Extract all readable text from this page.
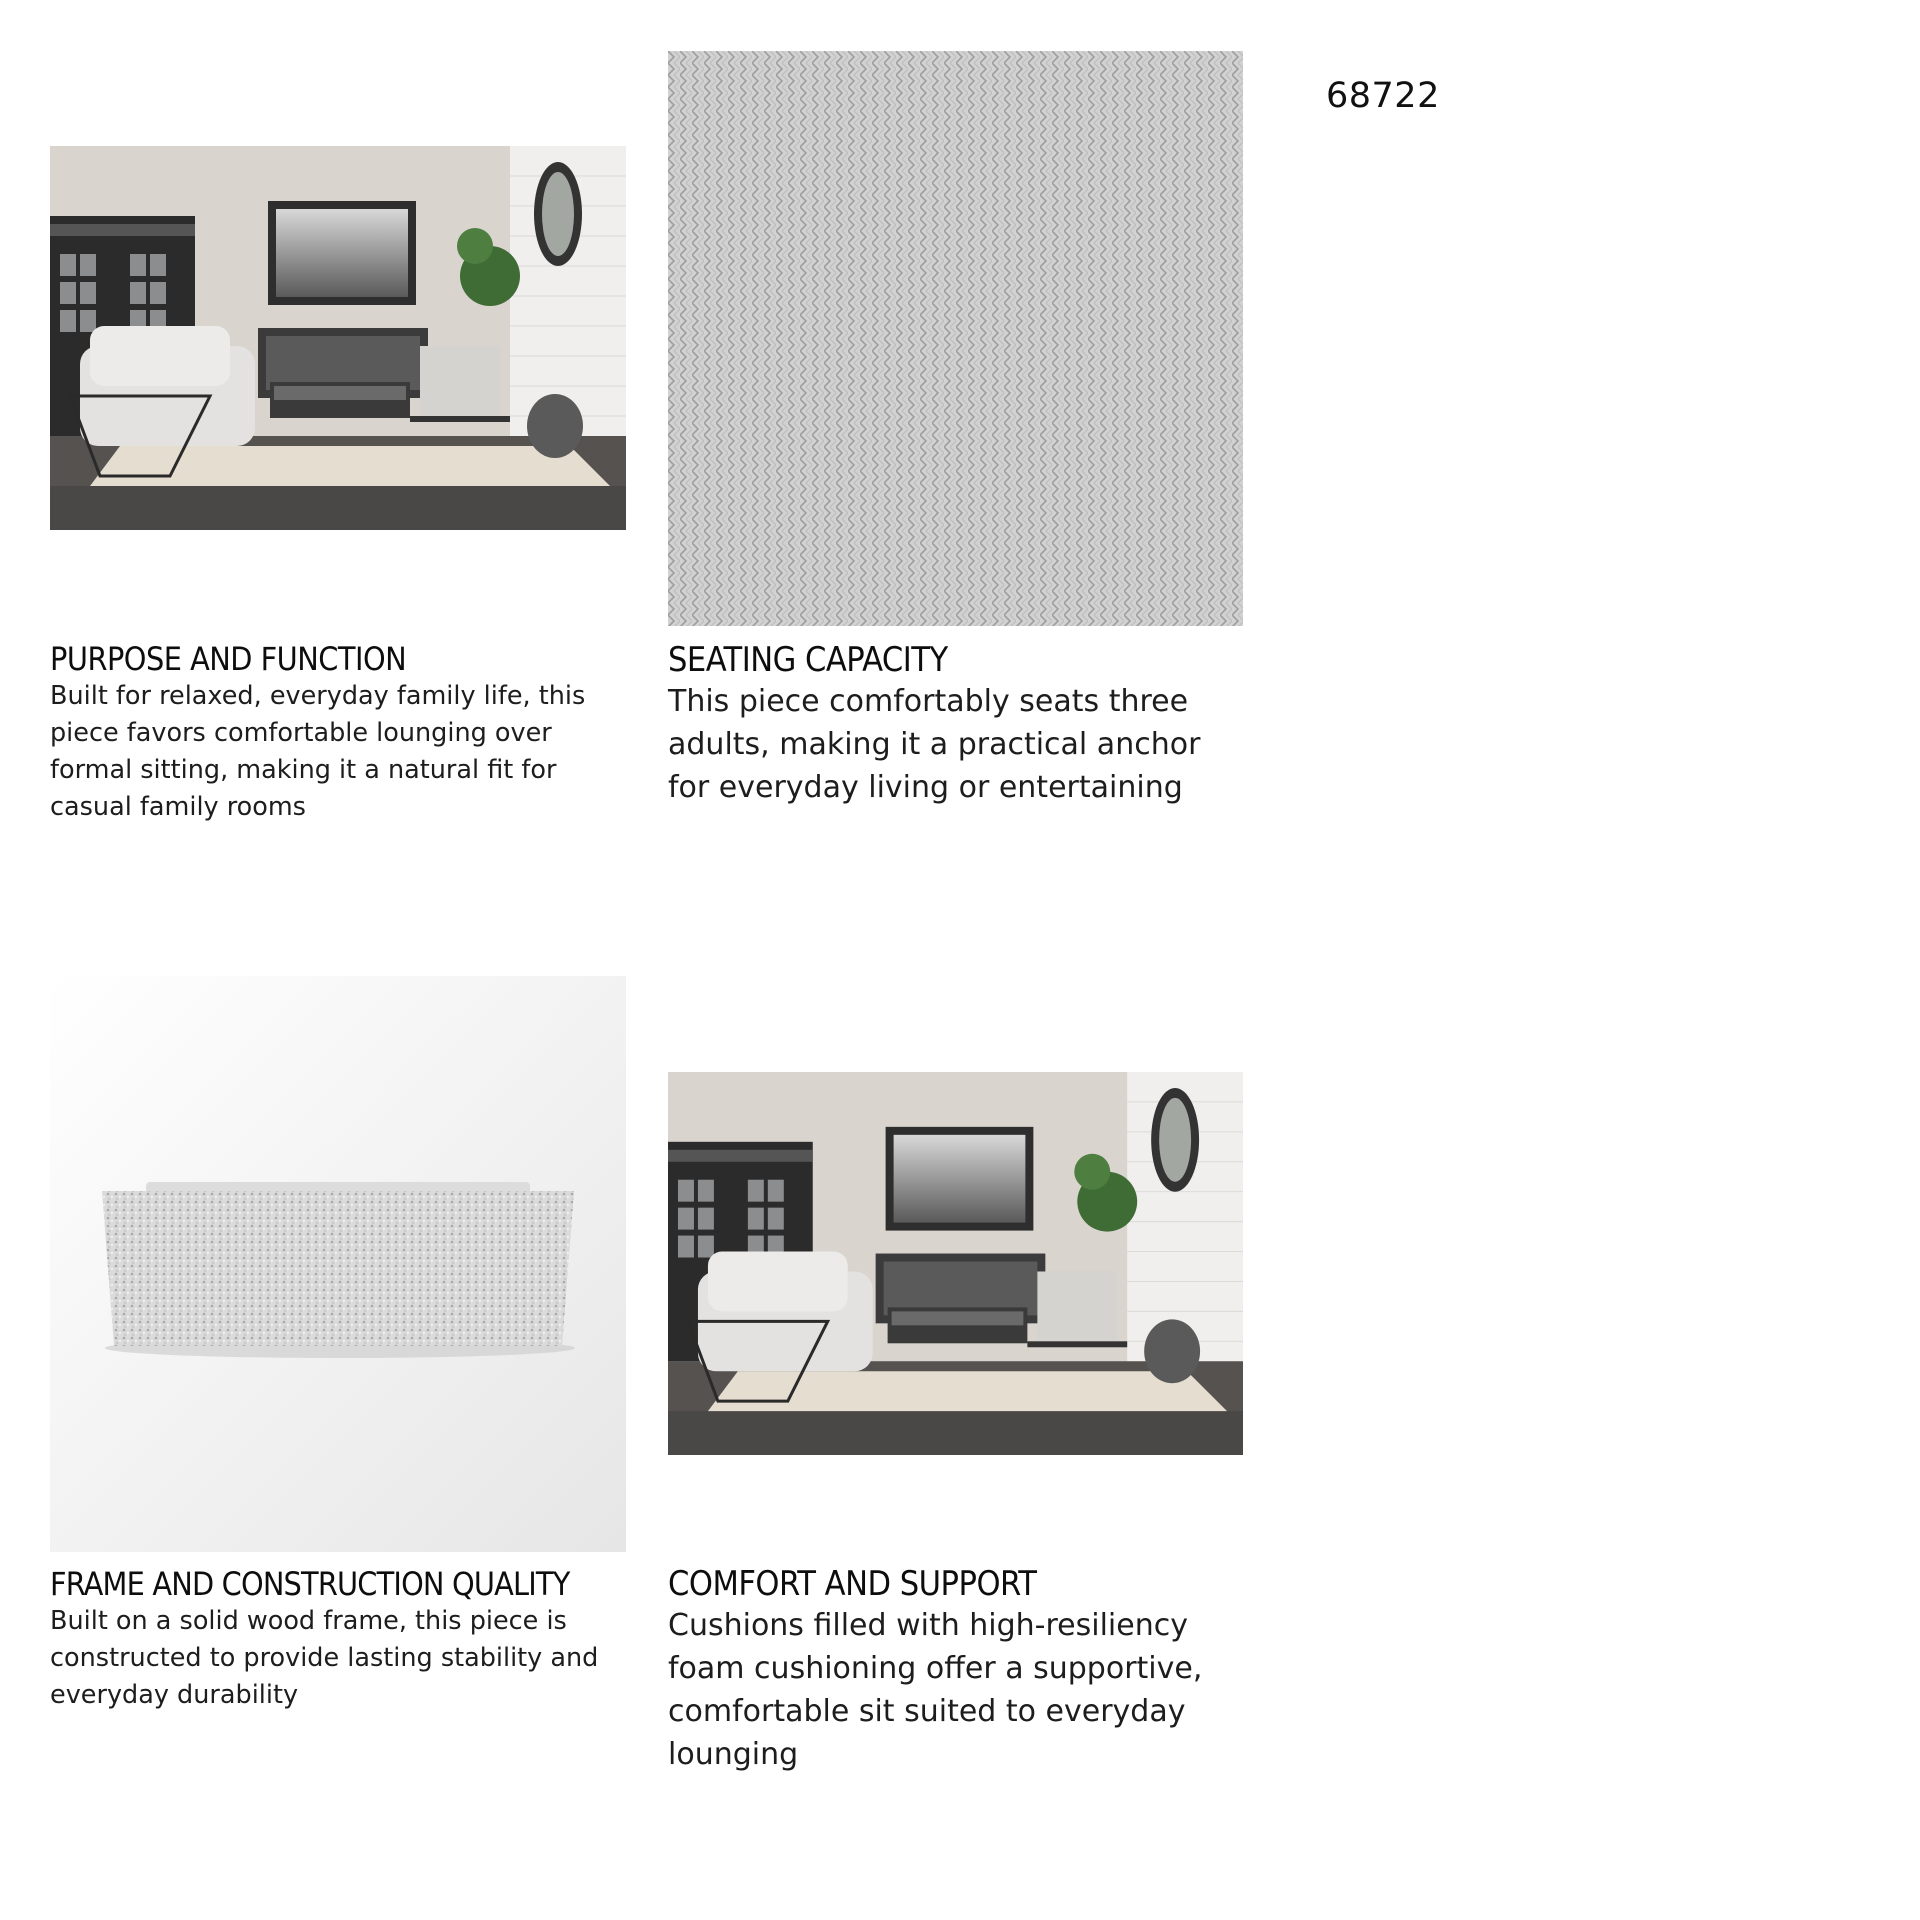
68722
PURPOSE AND FUNCTION

Built for relaxed, everyday family life, this piece favors comfortable lounging over formal sitting, making it a natural fit for casual family rooms

SEATING CAPACITY

This piece comfortably seats three adults, making it a practical anchor for everyday living or entertaining

FRAME AND CONSTRUCTION QUALITY

Built on a solid wood frame, this piece is constructed to provide lasting stability and everyday durability

COMFORT AND SUPPORT

Cushions filled with high-resiliency foam cushioning offer a supportive, comfortable sit suited to everyday lounging
